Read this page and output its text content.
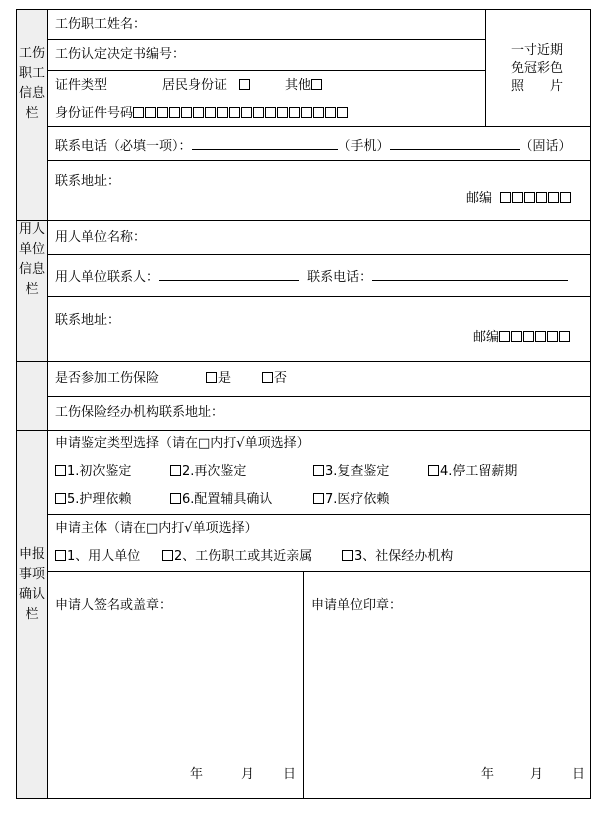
工伤职工信息栏
用人单位信息栏
申报事项确认栏
工伤职工姓名：
工伤认定决定书编号：
证件类型	居民身份证	其他
身份证件号码
一寸近期
免冠彩色
照　　片
联系电话（必填一项）：	（手机）	（固话）
联系地址：
邮编
用人单位名称：
用人单位联系人：	联系电话：
联系地址：
邮编
是否参加工伤保险	是	否
工伤保险经办机构联系地址：
申请鉴定类型选择（请在□内打√单项选择）
1.初次鉴定	2.再次鉴定	3.复查鉴定	4.停工留薪期
5.护理依赖	6.配置辅具确认	7.医疗依赖
申请主体（请在□内打√单项选择）
1、用人单位	2、工伤职工或其近亲属	3、社保经办机构
申请人签名或盖章：	申请单位印章：
年	月 日	年	月 日
